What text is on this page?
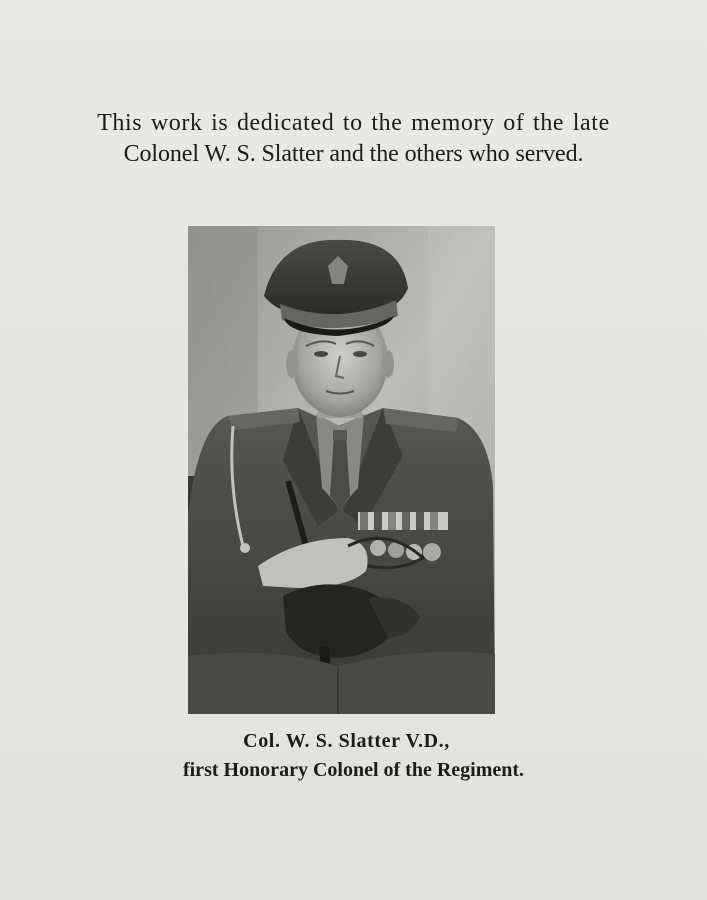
This work is dedicated to the memory of the late
Colonel W. S. Slatter and the others who served.
Col. W. S. Slatter V.D.,
first Honorary Colonel of the Regiment.
